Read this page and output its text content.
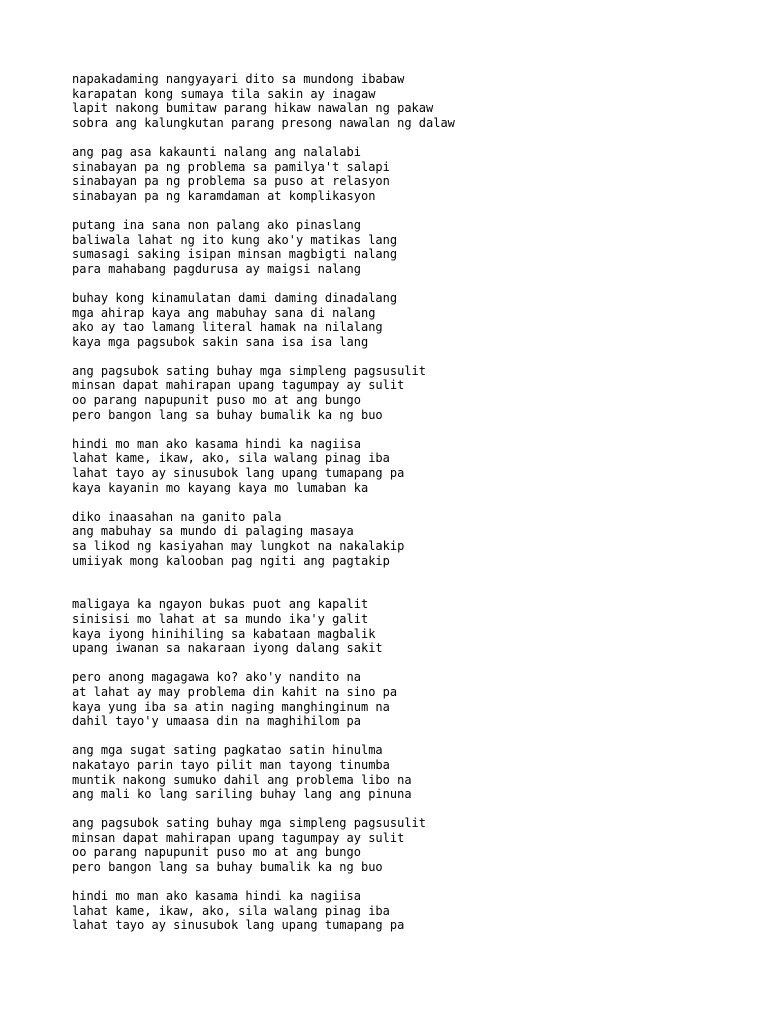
napakadaming nangyayari dito sa mundong ibabaw
karapatan kong sumaya tila sakin ay inagaw
lapit nakong bumitaw parang hikaw nawalan ng pakaw
sobra ang kalungkutan parang presong nawalan ng dalaw
ang pag asa kakaunti nalang ang nalalabi
sinabayan pa ng problema sa pamilya't salapi
sinabayan pa ng problema sa puso at relasyon
sinabayan pa ng karamdaman at komplikasyon
putang ina sana non palang ako pinaslang
baliwala lahat ng ito kung ako'y matikas lang
sumasagi saking isipan minsan magbigti nalang
para mahabang pagdurusa ay maigsi nalang
buhay kong kinamulatan dami daming dinadalang
mga ahirap kaya ang mabuhay sana di nalang
ako ay tao lamang literal hamak na nilalang
kaya mga pagsubok sakin sana isa isa lang
ang pagsubok sating buhay mga simpleng pagsusulit
minsan dapat mahirapan upang tagumpay ay sulit
oo parang napupunit puso mo at ang bungo
pero bangon lang sa buhay bumalik ka ng buo
hindi mo man ako kasama hindi ka nagiisa
lahat kame, ikaw, ako, sila walang pinag iba
lahat tayo ay sinusubok lang upang tumapang pa
kaya kayanin mo kayang kaya mo lumaban ka
diko inaasahan na ganito pala
ang mabuhay sa mundo di palaging masaya
sa likod ng kasiyahan may lungkot na nakalakip
umiiyak mong kalooban pag ngiti ang pagtakip
maligaya ka ngayon bukas puot ang kapalit
sinisisi mo lahat at sa mundo ika'y galit
kaya iyong hinihiling sa kabataan magbalik
upang iwanan sa nakaraan iyong dalang sakit
pero anong magagawa ko? ako'y nandito na
at lahat ay may problema din kahit na sino pa
kaya yung iba sa atin naging manghinginum na
dahil tayo'y umaasa din na maghihilom pa
ang mga sugat sating pagkatao satin hinulma
nakatayo parin tayo pilit man tayong tinumba
muntik nakong sumuko dahil ang problema libo na
ang mali ko lang sariling buhay lang ang pinuna
ang pagsubok sating buhay mga simpleng pagsusulit
minsan dapat mahirapan upang tagumpay ay sulit
oo parang napupunit puso mo at ang bungo
pero bangon lang sa buhay bumalik ka ng buo
hindi mo man ako kasama hindi ka nagiisa
lahat kame, ikaw, ako, sila walang pinag iba
lahat tayo ay sinusubok lang upang tumapang pa
